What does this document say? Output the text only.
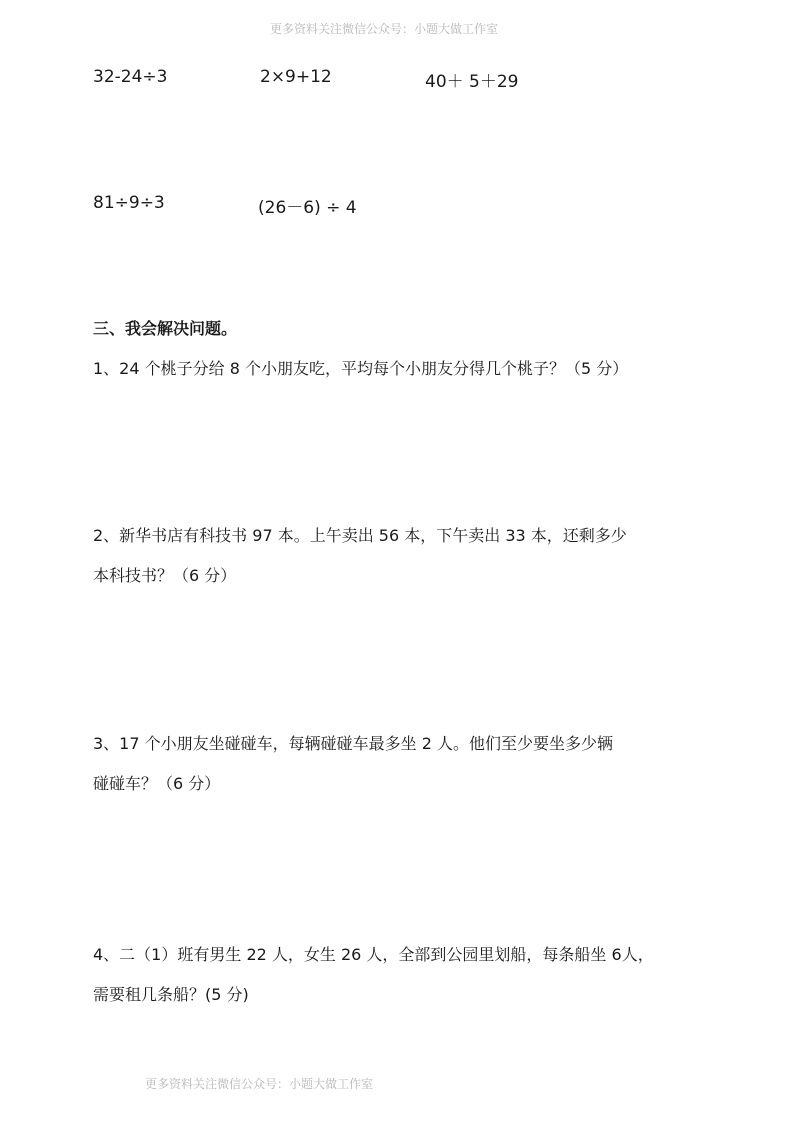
更多资料关注微信公众号：小题大做工作室
32-24÷3	2×9+12	40＋ 5＋29
81÷9÷3	(26－6) ÷ 4
三、我会解决问题。
1、24 个桃子分给 8 个小朋友吃，平均每个小朋友分得几个桃子？（5 分）
2、新华书店有科技书 97 本。上午卖出 56 本，下午卖出 33 本，还剩多少
本科技书？（6 分）
3、17 个小朋友坐碰碰车，每辆碰碰车最多坐 2 人。他们至少要坐多少辆
碰碰车？（6 分）
4、二（1）班有男生 22 人，女生 26 人，全部到公园里划船，每条船坐 6人，
需要租几条船？(5 分)
更多资料关注微信公众号：小题大做工作室
